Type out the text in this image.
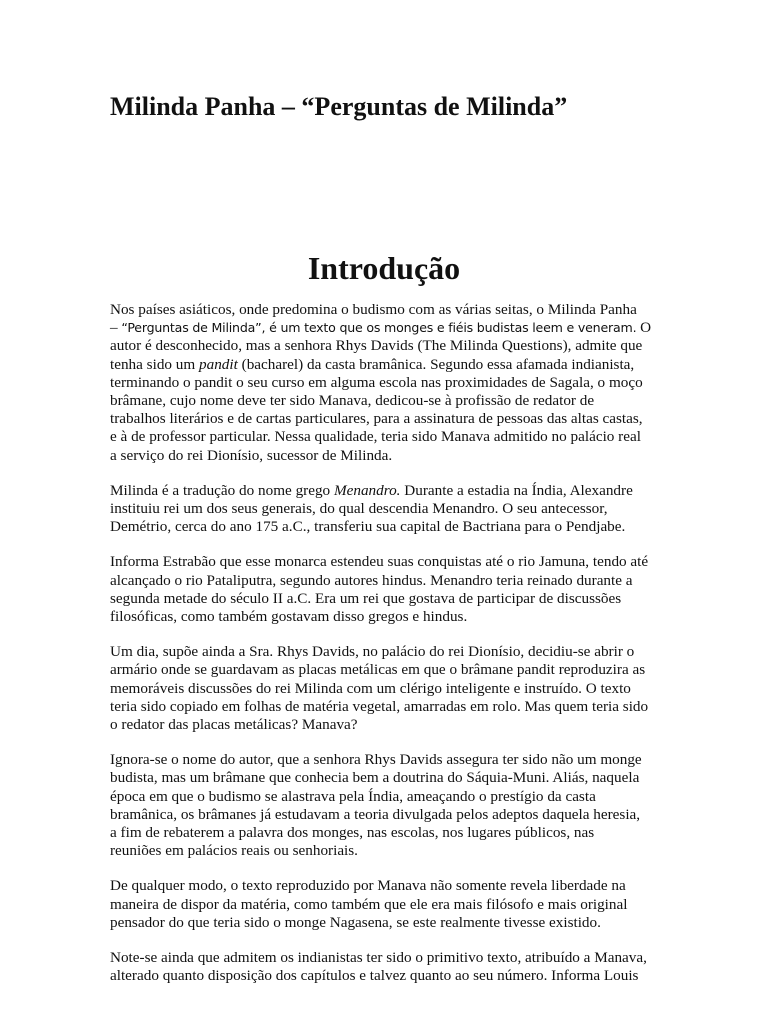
Milinda Panha – “Perguntas de Milinda”
Introdução

Nos países asiáticos, onde predomina o budismo com as várias seitas, o Milinda Panha
– “Perguntas de Milinda”, é um texto que os monges e fiéis budistas leem e veneram. O
autor é desconhecido, mas a senhora Rhys Davids (The Milinda Questions), admite que
tenha sido um pandit (bacharel) da casta bramânica. Segundo essa afamada indianista,
terminando o pandit o seu curso em alguma escola nas proximidades de Sagala, o moço
brâmane, cujo nome deve ter sido Manava, dedicou-se à profissão de redator de
trabalhos literários e de cartas particulares, para a assinatura de pessoas das altas castas,
e à de professor particular. Nessa qualidade, teria sido Manava admitido no palácio real
a serviço do rei Dionísio, sucessor de Milinda.

Milinda é a tradução do nome grego Menandro. Durante a estadia na Índia, Alexandre
instituiu rei um dos seus generais, do qual descendia Menandro. O seu antecessor,
Demétrio, cerca do ano 175 a.C., transferiu sua capital de Bactriana para o Pendjabe.

Informa Estrabão que esse monarca estendeu suas conquistas até o rio Jamuna, tendo até
alcançado o rio Pataliputra, segundo autores hindus. Menandro teria reinado durante a
segunda metade do século II a.C. Era um rei que gostava de participar de discussões
filosóficas, como também gostavam disso gregos e hindus.

Um dia, supõe ainda a Sra. Rhys Davids, no palácio do rei Dionísio, decidiu-se abrir o
armário onde se guardavam as placas metálicas em que o brâmane pandit reproduzira as
memoráveis discussões do rei Milinda com um clérigo inteligente e instruído. O texto
teria sido copiado em folhas de matéria vegetal, amarradas em rolo. Mas quem teria sido
o redator das placas metálicas? Manava?

Ignora-se o nome do autor, que a senhora Rhys Davids assegura ter sido não um monge
budista, mas um brâmane que conhecia bem a doutrina do Sáquia-Muni. Aliás, naquela
época em que o budismo se alastrava pela Índia, ameaçando o prestígio da casta
bramânica, os brâmanes já estudavam a teoria divulgada pelos adeptos daquela heresia,
a fim de rebaterem a palavra dos monges, nas escolas, nos lugares públicos, nas
reuniões em palácios reais ou senhoriais.

De qualquer modo, o texto reproduzido por Manava não somente revela liberdade na
maneira de dispor da matéria, como também que ele era mais filósofo e mais original
pensador do que teria sido o monge Nagasena, se este realmente tivesse existido.

Note-se ainda que admitem os indianistas ter sido o primitivo texto, atribuído a Manava,
alterado quanto disposição dos capítulos e talvez quanto ao seu número. Informa Louis
